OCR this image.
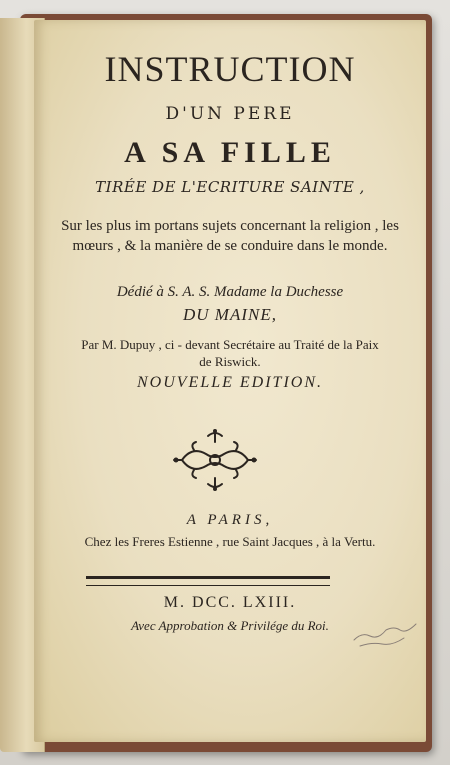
INSTRUCTION
D'UN PERE
A SA FILLE
TIRÉE DE L'ECRITURE SAINTE ,
Sur les plus im portans sujets concernant la religion , les mœurs , & la manière de se conduire dans le monde.
Dédié à S. A. S. Madame la Duchesse
DU MAINE,
Par M. Dupuy , ci - devant Secrétaire au Traité de la Paix de Riswick.
NOUVELLE EDITION.
A PARIS,
Chez les Freres Estienne , rue Saint Jacques , à la Vertu.
M. DCC. LXIII.
Avec Approbation & Privilége du Roi.
